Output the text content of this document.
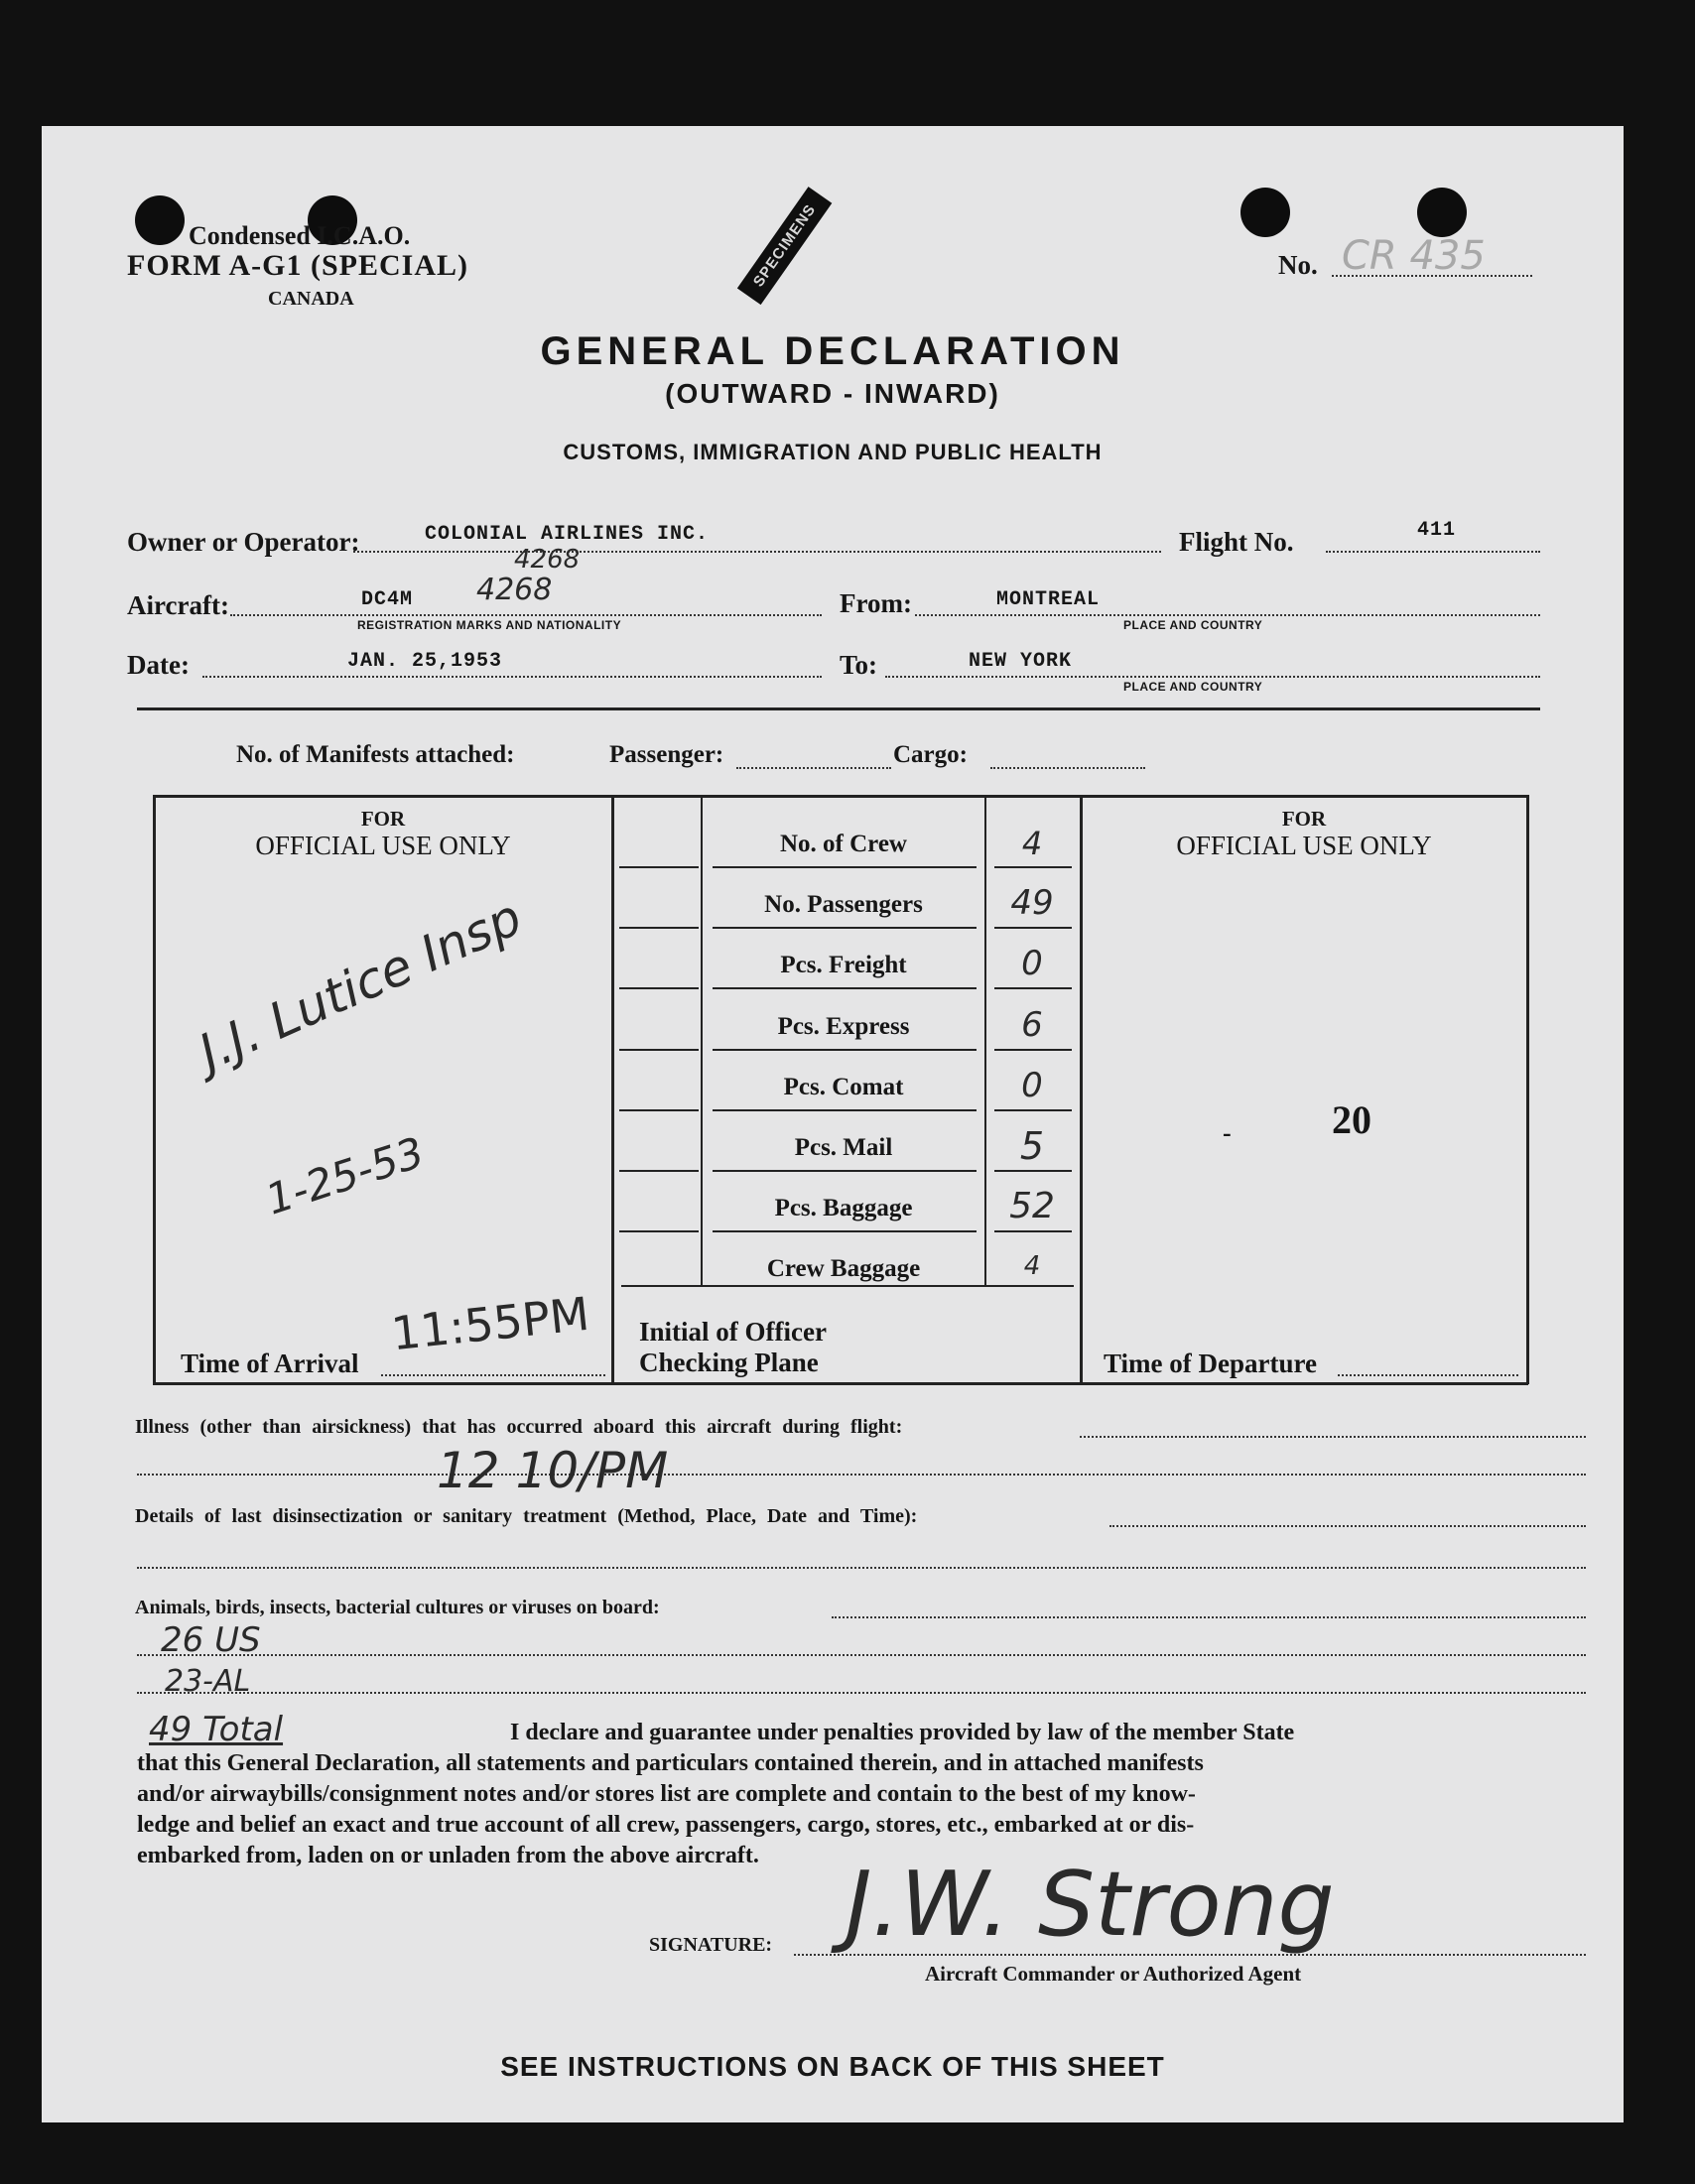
Condensed I.C.A.O.
FORM A-G1 (SPECIAL)
CANADA
SPECIMENS	No. CR 435
GENERAL DECLARATION
(OUTWARD - INWARD)
CUSTOMS, IMMIGRATION AND PUBLIC HEALTH
Owner or Operator:	COLONIAL AIRLINES INC.	Flight No.	411
Aircraft:	DC4M 4268
4268
REGISTRATION MARKS AND NATIONALITY
From:	MONTREAL
PLACE AND COUNTRY
Date:	JAN. 25,1953	To:	NEW YORK
PLACE AND COUNTRY
No. of Manifests attached:	Passenger:	Cargo:
FOR
OFFICIAL USE ONLY
FOR
OFFICIAL USE ONLY
No. of Crew	4
No. Passengers	49
Pcs. Freight	0
Pcs. Express	6
Pcs. Comat	0
Pcs. Mail	5
Pcs. Baggage	52
Crew Baggage	4
-	20
J.J. Lutice Insp
1-25-53
Time of Arrival
11:55PM Initial of Officer
Checking Plane	Time of Departure
Illness (other than airsickness) that has occurred aboard this aircraft during flight:
12 10/PM
Details of last disinsectization or sanitary treatment (Method, Place, Date and Time):
Animals, birds, insects, bacterial cultures or viruses on board:
26 US
23-AL
49 Total	I declare and guarantee under penalties provided by law of the member State
that this General Declaration, all statements and particulars contained therein, and in attached manifests
and/or airwaybills/consignment notes and/or stores list are complete and contain to the best of my know-
ledge and belief an exact and true account of all crew, passengers, cargo, stores, etc., embarked at or dis-
embarked from, laden on or unladen from the above aircraft.
SIGNATURE:
Aircraft Commander or Authorized Agent
J.W. Strong
SEE INSTRUCTIONS ON BACK OF THIS SHEET
